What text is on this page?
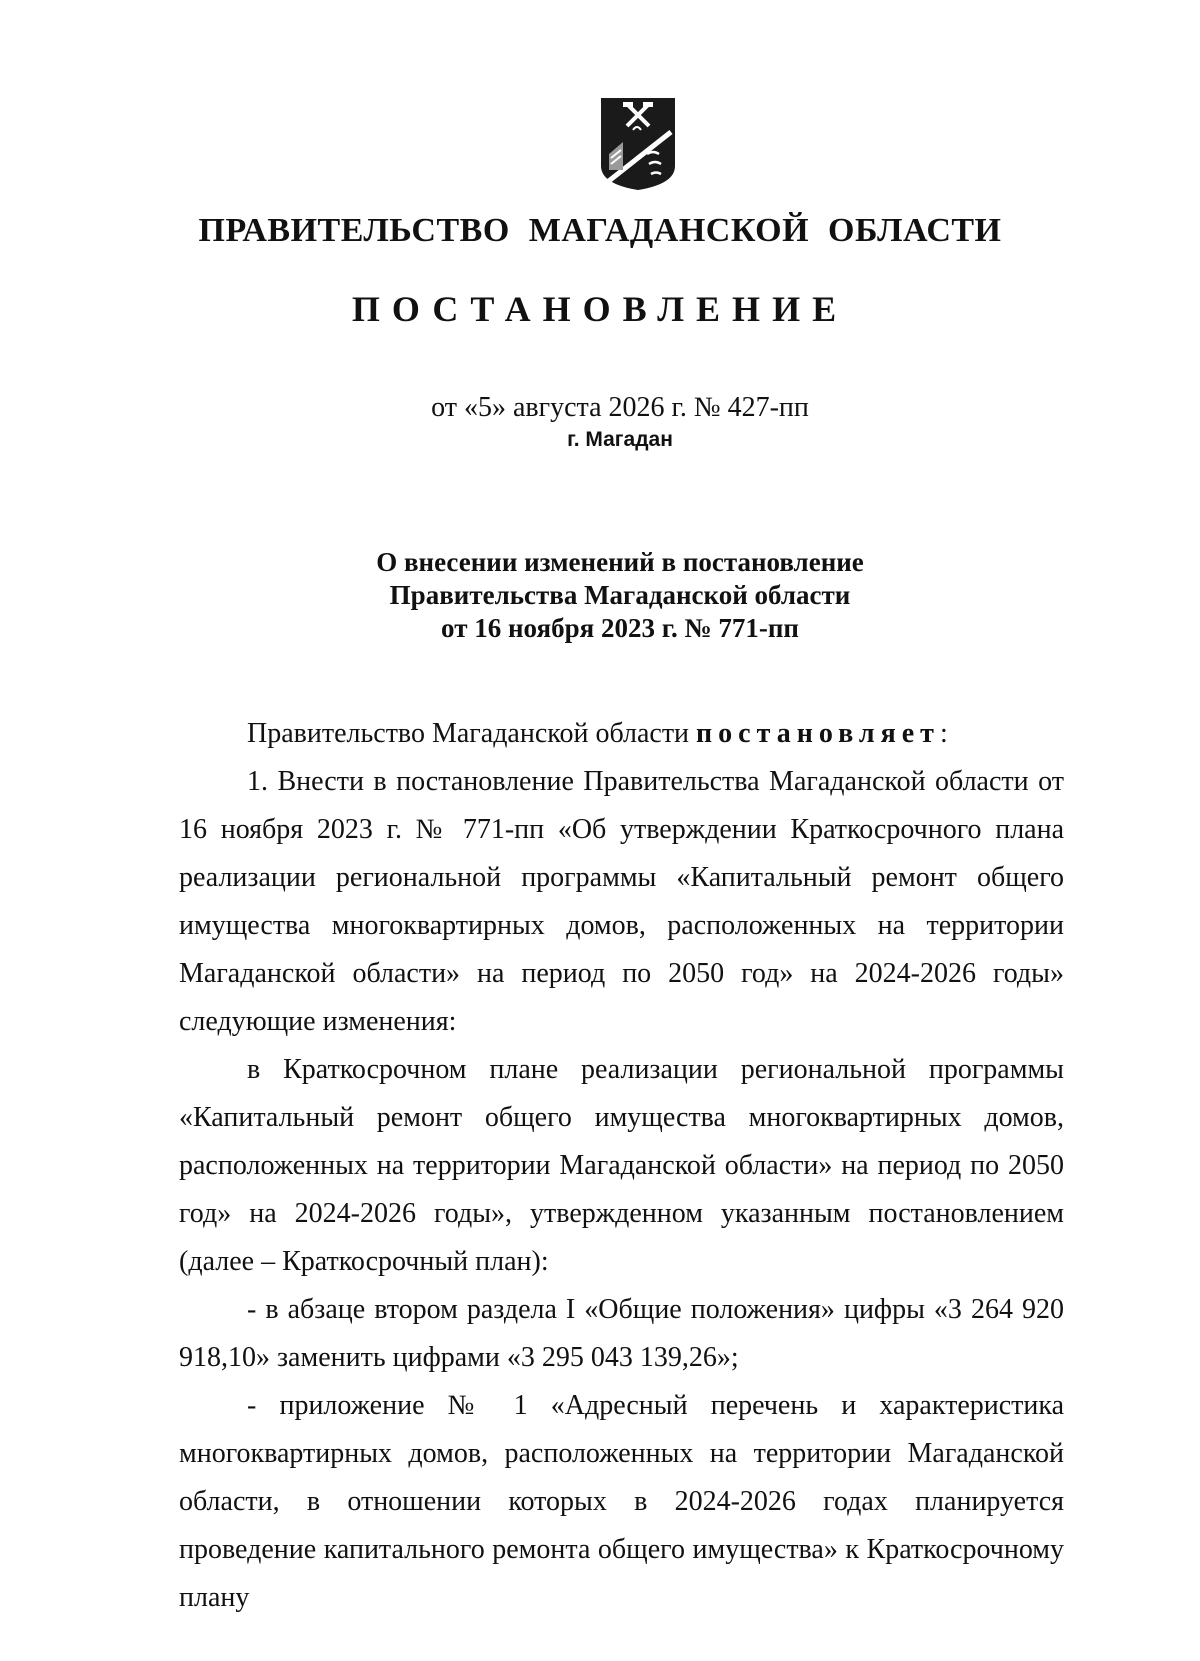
ПРАВИТЕЛЬСТВО МАГАДАНСКОЙ ОБЛАСТИ
ПОСТАНОВЛЕНИЕ
от «5» августа 2026 г. № 427-пп
г. Магадан
О внесении изменений в постановление
Правительства Магаданской области
от 16 ноября 2023 г. № 771-пп

Правительство Магаданской области постановляет:

1. Внести в постановление Правительства Магаданской области от 16 ноября 2023 г. № 771-пп «Об утверждении Краткосрочного плана реализации региональной программы «Капитальный ремонт общего имущества многоквартирных домов, расположенных на территории Магаданской области» на период по 2050 год» на 2024-2026 годы» следующие изменения:

в Краткосрочном плане реализации региональной программы «Капитальный ремонт общего имущества многоквартирных домов, расположенных на территории Магаданской области» на период по 2050 год» на 2024-2026 годы», утвержденном указанным постановлением (далее – Краткосрочный план):

- в абзаце втором раздела I «Общие положения» цифры «3 264 920 918,10» заменить цифрами «3 295 043 139,26»;

- приложение № 1 «Адресный перечень и характеристика многоквартирных домов, расположенных на территории Магаданской области, в отношении которых в 2024-2026 годах планируется проведение капитального ремонта общего имущества» к Краткосрочному плану
